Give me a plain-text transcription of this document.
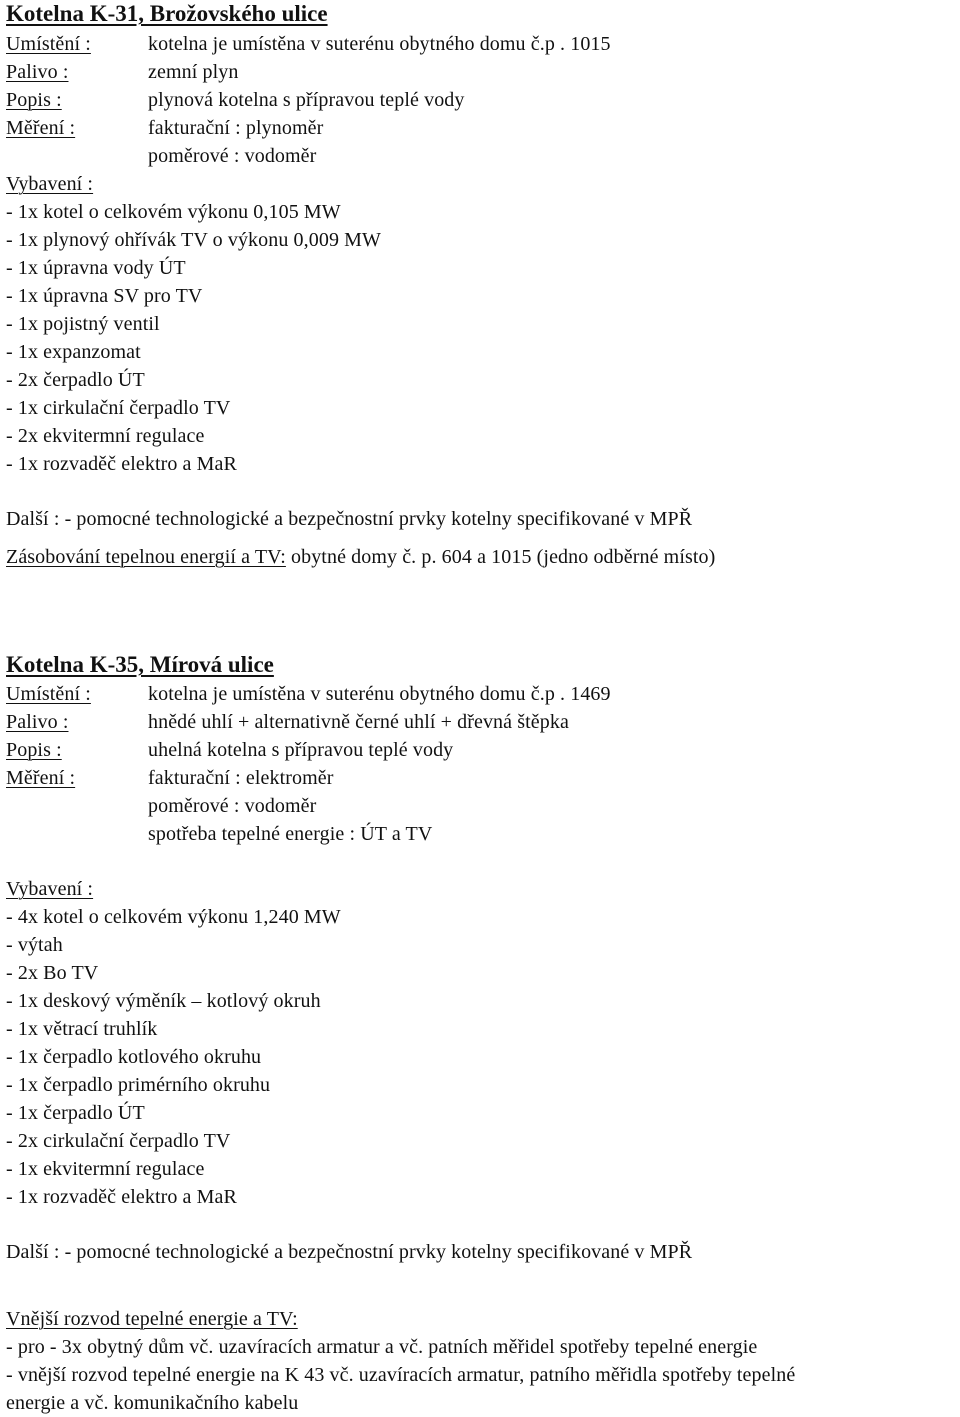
Kotelna K-31, Brožovského ulice
Umístění :	kotelna je umístěna v suterénu obytného domu č.p . 1015
Palivo :	zemní plyn
Popis :	plynová kotelna s přípravou teplé vody
Měření :	fakturační : plynoměr
poměrové : vodoměr
Vybavení :
- 1x kotel o celkovém výkonu 0,105 MW
- 1x plynový ohřívák TV o výkonu 0,009 MW
- 1x úpravna vody ÚT
- 1x úpravna SV pro TV
- 1x pojistný ventil
- 1x expanzomat
- 2x čerpadlo ÚT
- 1x cirkulační čerpadlo TV
- 2x ekvitermní regulace
- 1x rozvaděč elektro a MaR
Další : - pomocné technologické a bezpečnostní prvky kotelny specifikované v MPŘ
Zásobování tepelnou energií a TV: obytné domy č. p. 604 a 1015 (jedno odběrné místo)
Kotelna K-35, Mírová ulice
Umístění :	kotelna je umístěna v suterénu obytného domu č.p . 1469
Palivo :	hnědé uhlí + alternativně černé uhlí + dřevná štěpka
Popis :	uhelná kotelna s přípravou teplé vody
Měření :	fakturační : elektroměr
poměrové : vodoměr
spotřeba tepelné energie : ÚT a TV
Vybavení :
- 4x kotel o celkovém výkonu 1,240 MW
- výtah
- 2x Bo TV
- 1x deskový výměník – kotlový okruh
- 1x větrací truhlík
- 1x čerpadlo kotlového okruhu
- 1x čerpadlo primérního okruhu
- 1x čerpadlo ÚT
- 2x cirkulační čerpadlo TV
- 1x ekvitermní regulace
- 1x rozvaděč elektro a MaR
Další : - pomocné technologické a bezpečnostní prvky kotelny specifikované v MPŘ
Vnější rozvod tepelné energie a TV:
- pro - 3x obytný dům vč. uzavíracích armatur a vč. patních měřidel spotřeby tepelné energie
- vnější rozvod tepelné energie na K 43 vč. uzavíracích armatur, patního měřidla spotřeby tepelné
energie a vč. komunikačního kabelu
